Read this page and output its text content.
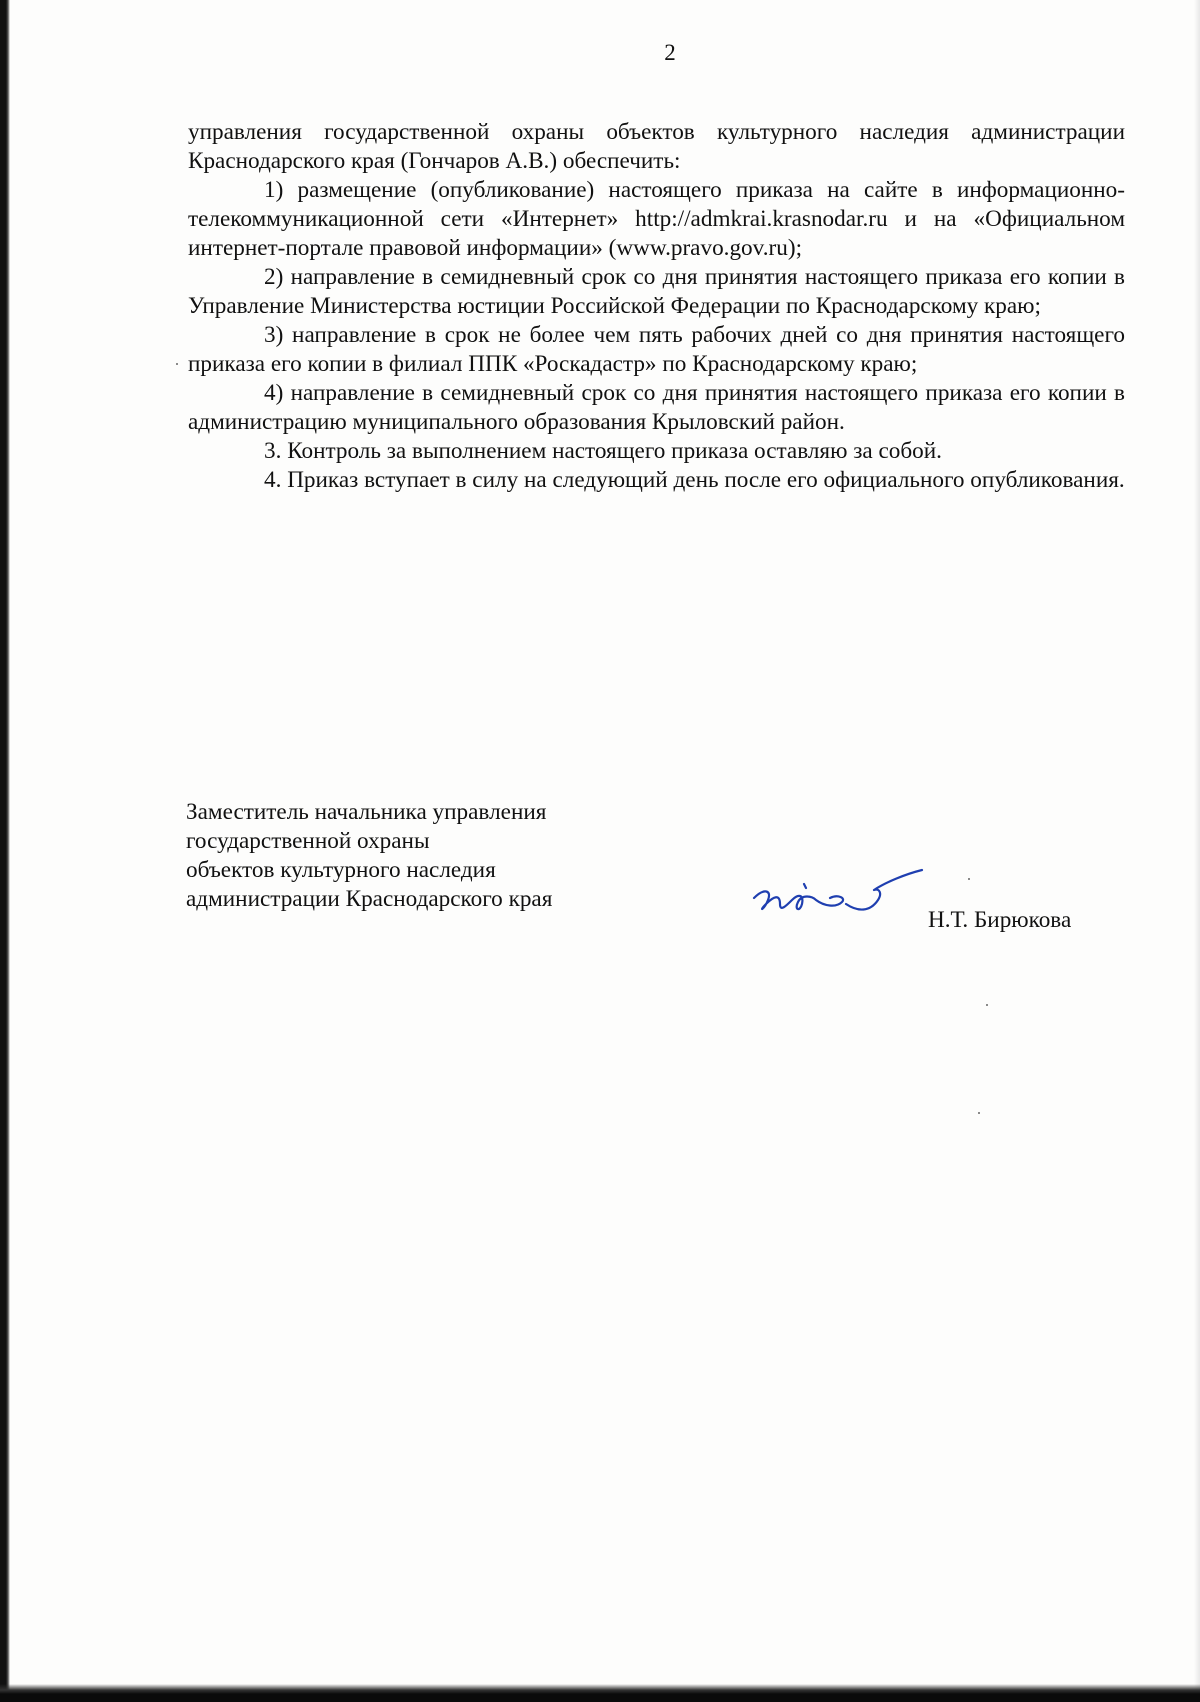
2

управления государственной охраны объектов культурного наследия администрации Краснодарского края (Гончаров А.В.) обеспечить:

1) размещение (опубликование) настоящего приказа на сайте в информационно-телекоммуникационной сети «Интернет» http://admkrai.krasnodar.ru и на «Официальном интернет-портале правовой информации» (www.pravo.gov.ru);

2) направление в семидневный срок со дня принятия настоящего приказа его копии в Управление Министерства юстиции Российской Федерации по Краснодарскому краю;

3) направление в срок не более чем пять рабочих дней со дня принятия настоящего приказа его копии в филиал ППК «Роскадастр» по Краснодарскому краю;

4) направление в семидневный срок со дня принятия настоящего приказа его копии в администрацию муниципального образования Крыловский район.

3. Контроль за выполнением настоящего приказа оставляю за собой.

4. Приказ вступает в силу на следующий день после его официального опубликования.

Заместитель начальника управления
государственной охраны
объектов культурного наследия
администрации Краснодарского края
Н.Т. Бирюкова
